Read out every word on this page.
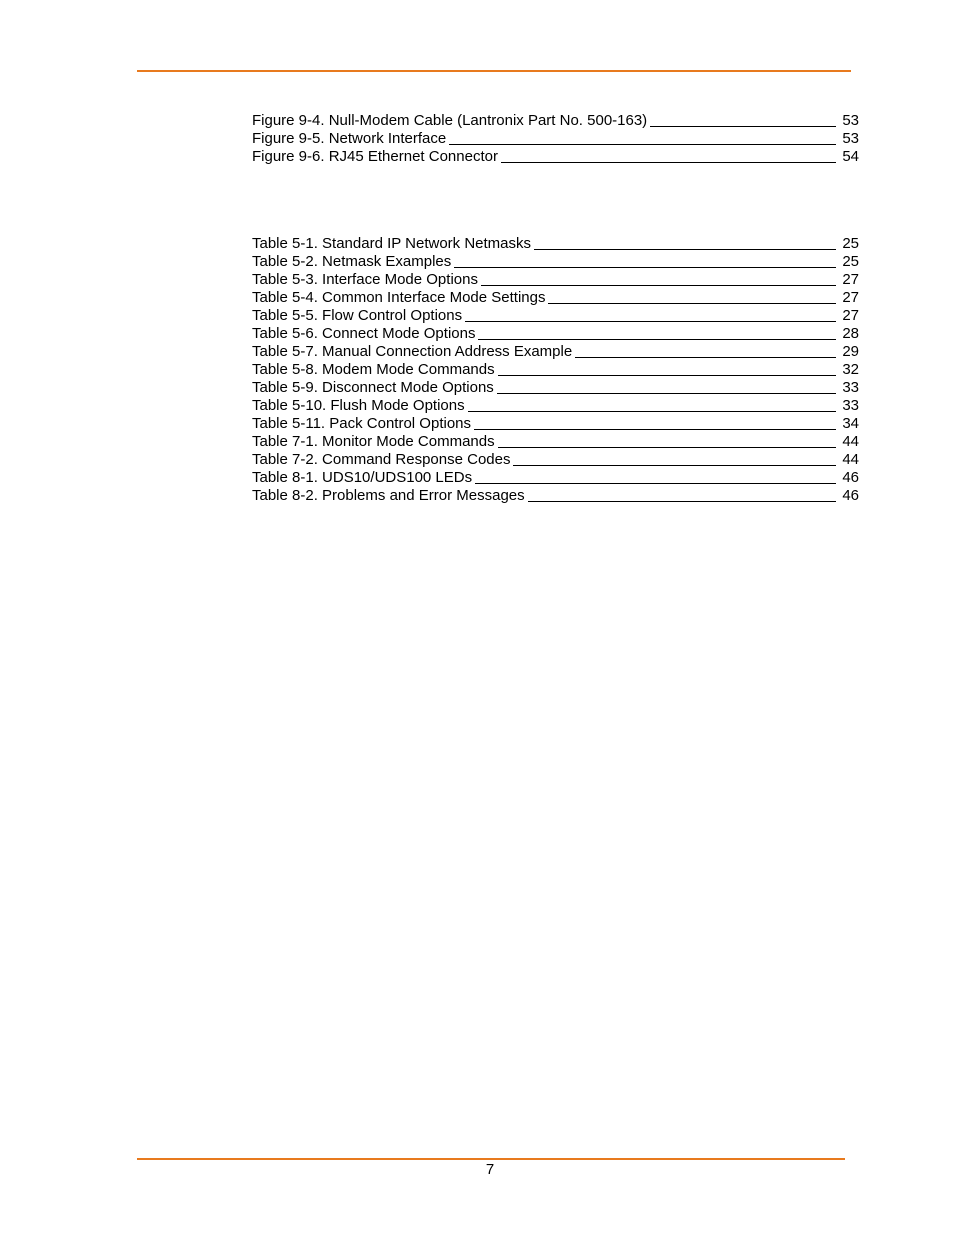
Figure 9-4. Null-Modem Cable (Lantronix Part No. 500-163)	53
Figure 9-5. Network Interface	53
Figure 9-6. RJ45 Ethernet Connector	54
Table 5-1. Standard IP Network Netmasks	25
Table 5-2. Netmask Examples	25
Table 5-3. Interface Mode Options	27
Table 5-4. Common Interface Mode Settings	27
Table 5-5. Flow Control Options	27
Table 5-6. Connect Mode Options	28
Table 5-7. Manual Connection Address Example	29
Table 5-8. Modem Mode Commands	32
Table 5-9. Disconnect Mode Options	33
Table 5-10. Flush Mode Options	33
Table 5-11. Pack Control Options	34
Table 7-1. Monitor Mode Commands	44
Table 7-2. Command Response Codes	44
Table 8-1. UDS10/UDS100 LEDs	46
Table 8-2. Problems and Error Messages	46
7
